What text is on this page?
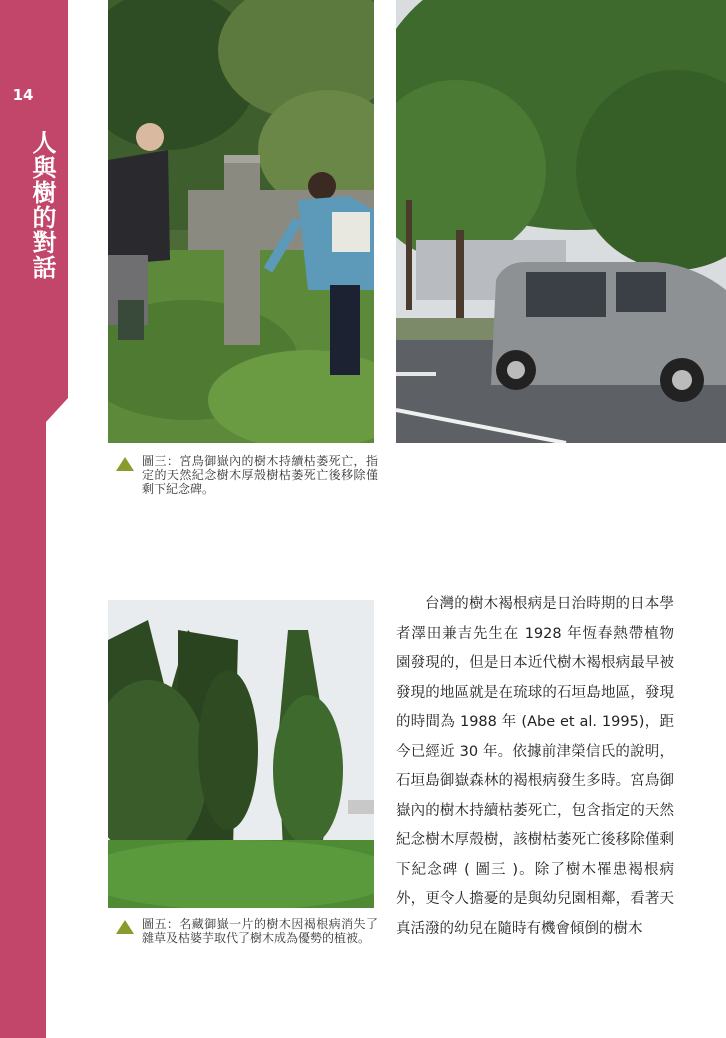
14
人與樹的對話
圖三：宮鳥御嶽內的樹木持續枯萎死亡，指定的天然紀念樹木厚殼樹枯萎死亡後移除僅剩下紀念碑。
圖五：名藏御嶽一片的樹木因褐根病消失了雜草及枯婆芋取代了樹木成為優勢的植被。
台灣的樹木褐根病是日治時期的日本學者澤田兼吉先生在 1928 年恆春熱帶植物園發現的，但是日本近代樹木褐根病最早被發現的地區就是在琉球的石垣島地區，發現的時間為 1988 年 (Abe et al. 1995)，距今已經近 30 年。依據前津榮信氏的說明，石垣島御嶽森林的褐根病發生多時。宮鳥御嶽內的樹木持續枯萎死亡，包含指定的天然紀念樹木厚殼樹，該樹枯萎死亡後移除僅剩下紀念碑 ( 圖三 )。除了樹木罹患褐根病外，更令人擔憂的是與幼兒園相鄰，看著天真活潑的幼兒在隨時有機會傾倒的樹木
